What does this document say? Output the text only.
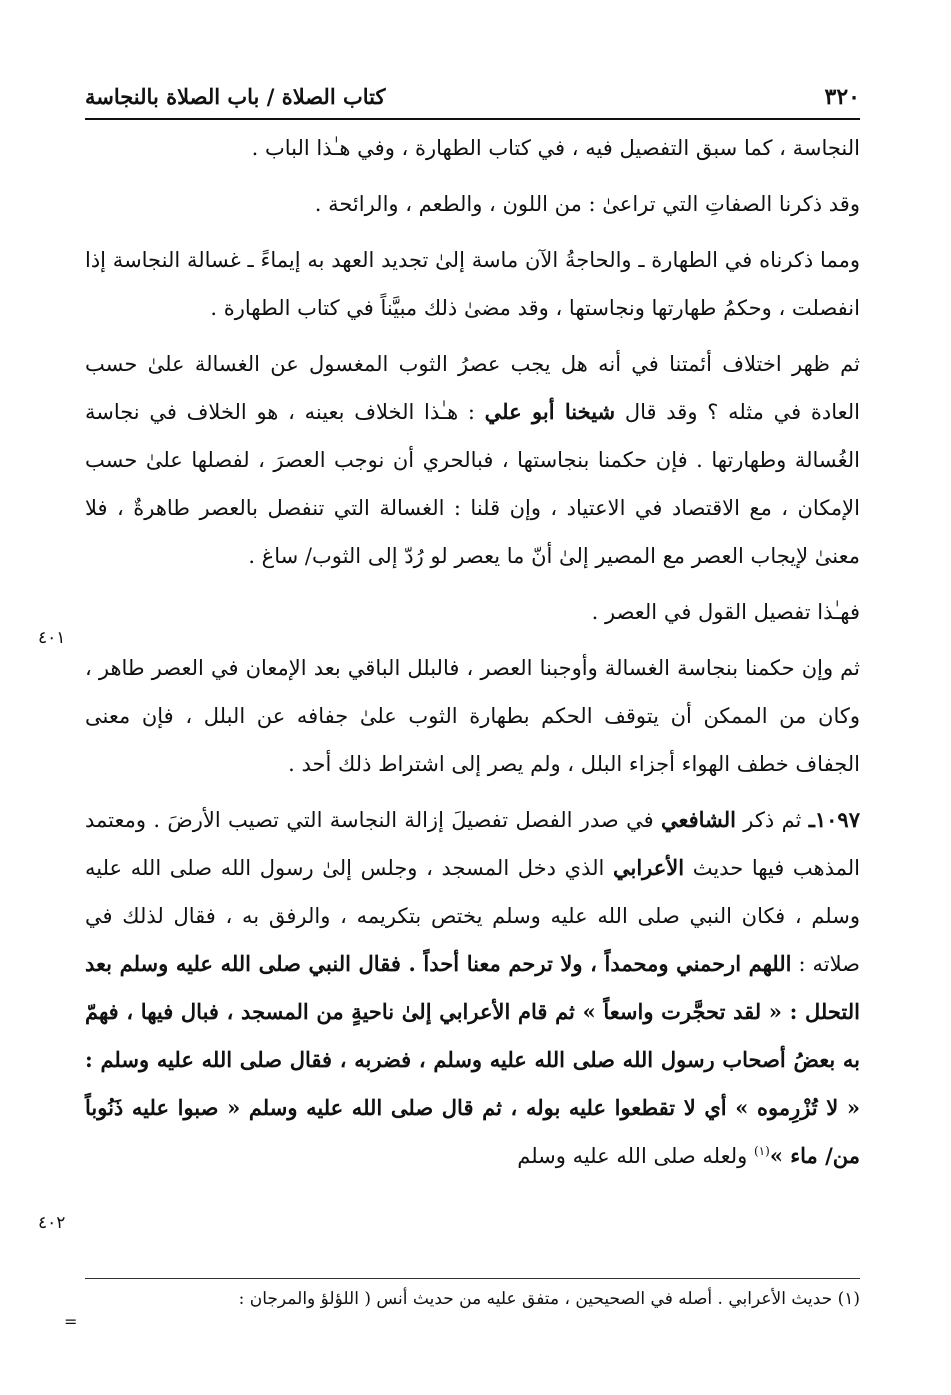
٣٢٠
كتاب الصلاة / باب الصلاة بالنجاسة

النجاسة ، كما سبق التفصيل فيه ، في كتاب الطهارة ، وفي هـٰذا الباب .

وقد ذكرنا الصفاتِ التي تراعىٰ : من اللون ، والطعم ، والرائحة .

ومما ذكرناه في الطهارة ـ والحاجةُ الآن ماسة إلىٰ تجديد العهد به إيماءً ـ غسالة النجاسة إذا انفصلت ، وحكمُ طهارتها ونجاستها ، وقد مضىٰ ذلك مبيَّناً في كتاب الطهارة .

ثم ظهر اختلاف أئمتنا في أنه هل يجب عصرُ الثوب المغسول عن الغسالة علىٰ حسب العادة في مثله ؟ وقد قال شيخنا أبو علي : هـٰذا الخلاف بعينه ، هو الخلاف في نجاسة الغُسالة وطهارتها . فإن حكمنا بنجاستها ، فبالحري أن نوجب العصرَ ، لفصلها علىٰ حسب الإمكان ، مع الاقتصاد في الاعتياد ، وإن قلنا : الغسالة التي تنفصل بالعصر طاهرةٌ ، فلا معنىٰ لإيجاب العصر مع المصير إلىٰ أنّ ما يعصر لو رُدّ إلى الثوب/ ساغ .

فهـٰذا تفصيل القول في العصر .

ثم وإن حكمنا بنجاسة الغسالة وأوجبنا العصر ، فالبلل الباقي بعد الإمعان في العصر طاهر ، وكان من الممكن أن يتوقف الحكم بطهارة الثوب علىٰ جفافه عن البلل ، فإن معنى الجفاف خطف الهواء أجزاء البلل ، ولم يصر إلى اشتراط ذلك أحد .

١٠٩٧ـ ثم ذكر الشافعي في صدر الفصل تفصيلَ إزالة النجاسة التي تصيب الأرضَ . ومعتمد المذهب فيها حديث الأعرابي الذي دخل المسجد ، وجلس إلىٰ رسول الله صلى الله عليه وسلم ، فكان النبي صلى الله عليه وسلم يختص بتكريمه ، والرفق به ، فقال لذلك في صلاته : اللهم ارحمني ومحمداً ، ولا ترحم معنا أحداً . فقال النبي صلى الله عليه وسلم بعد التحلل : « لقد تحجَّرت واسعاً » ثم قام الأعرابي إلىٰ ناحيةٍ من المسجد ، فبال فيها ، فهمّ به بعضُ أصحاب رسول الله صلى الله عليه وسلم ، فضربه ، فقال صلى الله عليه وسلم : « لا تُزْرِموه » أي لا تقطعوا عليه بوله ، ثم قال صلى الله عليه وسلم « صبوا عليه ذَنُوباً من/ ماء »$^{(١)}$ ولعله صلى الله عليه وسلم

٤٠١
٤٠٢
(١) حديث الأعرابي . أصله في الصحيحين ، متفق عليه من حديث أنس ( اللؤلؤ والمرجان :
=
